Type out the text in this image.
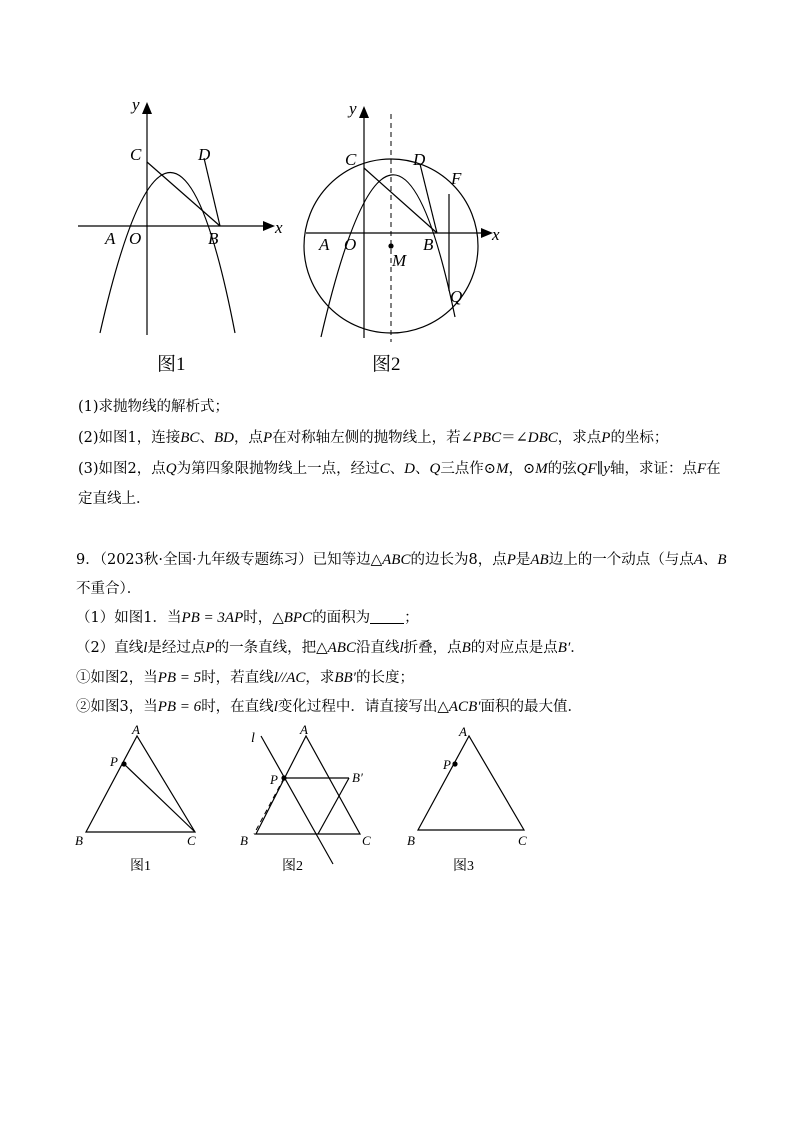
y
x
C	D
A O	B
图1
y
x
C	D
F
A O	B
M
Q
图2
(1)求抛物线的解析式；
(2)如图1，连接BC、BD，点P在对称轴左侧的抛物线上，若∠PBC＝∠DBC，求点P的坐标；
(3)如图2，点Q为第四象限抛物线上一点，经过C、D、Q三点作⊙M，⊙M的弦QF∥y轴，求证：点F在
定直线上．
9．（2023秋·全国·九年级专题练习）已知等边△ABC的边长为8，点P是AB边上的一个动点（与点A、B
不重合）．
（1）如图1．当PB = 3AP时，△BPC的面积为 ；
（2）直线l是经过点P的一条直线，把△ABC沿直线l折叠，点B的对应点是点B′．
①如图2，当PB = 5时，若直线l//AC，求BB′的长度；
②如图3，当PB = 6时，在直线l变化过程中．请直接写出△ACB′面积的最大值．
A
P
B	C
图1
l
A
P	B′
B	C
图2
A
P
B	C
图3
